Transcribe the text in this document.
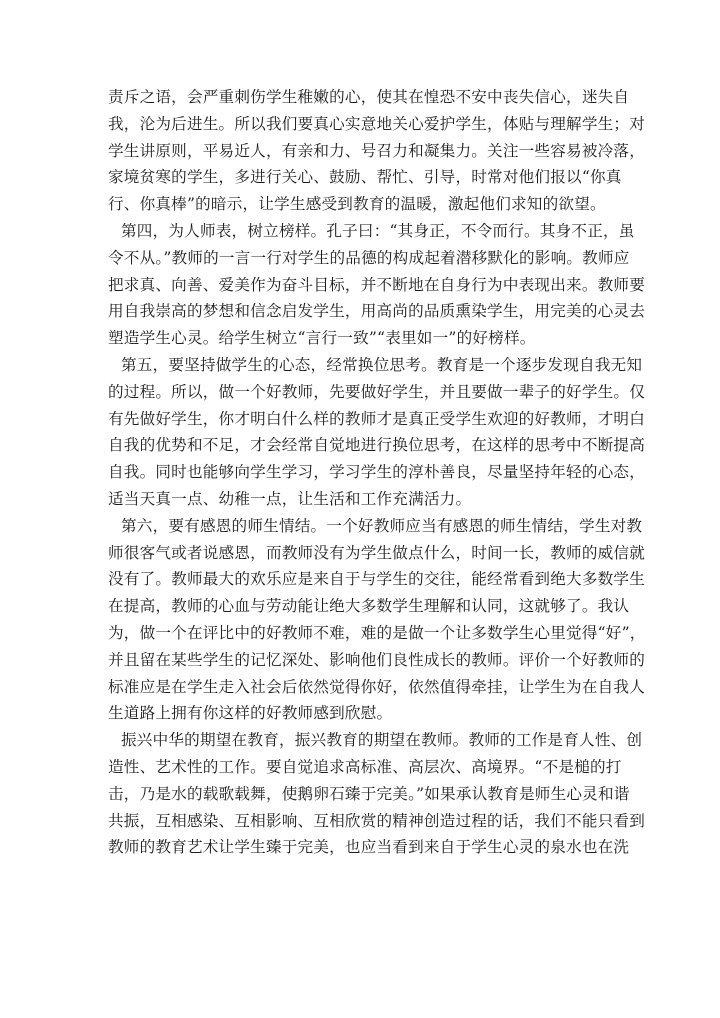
责斥之语，会严重刺伤学生稚嫩的心，使其在惶恐不安中丧失信心，迷失自
我，沦为后进生。所以我们要真心实意地关心爱护学生，体贴与理解学生；对
学生讲原则，平易近人，有亲和力、号召力和凝集力。关注一些容易被冷落，
家境贫寒的学生，多进行关心、鼓励、帮忙、引导，时常对他们报以“你真
行、你真棒”的暗示，让学生感受到教育的温暖，激起他们求知的欲望。
第四，为人师表，树立榜样。孔子曰：“其身正，不令而行。其身不正，虽
令不从。”教师的一言一行对学生的品德的构成起着潜移默化的影响。教师应
把求真、向善、爱美作为奋斗目标，并不断地在自身行为中表现出来。教师要
用自我崇高的梦想和信念启发学生，用高尚的品质熏染学生，用完美的心灵去
塑造学生心灵。给学生树立“言行一致”“表里如一”的好榜样。
第五，要坚持做学生的心态，经常换位思考。教育是一个逐步发现自我无知
的过程。所以，做一个好教师，先要做好学生，并且要做一辈子的好学生。仅
有先做好学生，你才明白什么样的教师才是真正受学生欢迎的好教师，才明白
自我的优势和不足，才会经常自觉地进行换位思考，在这样的思考中不断提高
自我。同时也能够向学生学习，学习学生的淳朴善良，尽量坚持年轻的心态，
适当天真一点、幼稚一点，让生活和工作充满活力。
第六，要有感恩的师生情结。一个好教师应当有感恩的师生情结，学生对教
师很客气或者说感恩，而教师没有为学生做点什么，时间一长，教师的威信就
没有了。教师最大的欢乐应是来自于与学生的交往，能经常看到绝大多数学生
在提高，教师的心血与劳动能让绝大多数学生理解和认同，这就够了。我认
为，做一个在评比中的好教师不难，难的是做一个让多数学生心里觉得“好”，
并且留在某些学生的记忆深处、影响他们良性成长的教师。评价一个好教师的
标准应是在学生走入社会后依然觉得你好，依然值得牵挂，让学生为在自我人
生道路上拥有你这样的好教师感到欣慰。
振兴中华的期望在教育，振兴教育的期望在教师。教师的工作是育人性、创
造性、艺术性的工作。要自觉追求高标准、高层次、高境界。“不是槌的打
击，乃是水的载歌载舞，使鹅卵石臻于完美。”如果承认教育是师生心灵和谐
共振，互相感染、互相影响、互相欣赏的精神创造过程的话，我们不能只看到
教师的教育艺术让学生臻于完美，也应当看到来自于学生心灵的泉水也在洗
